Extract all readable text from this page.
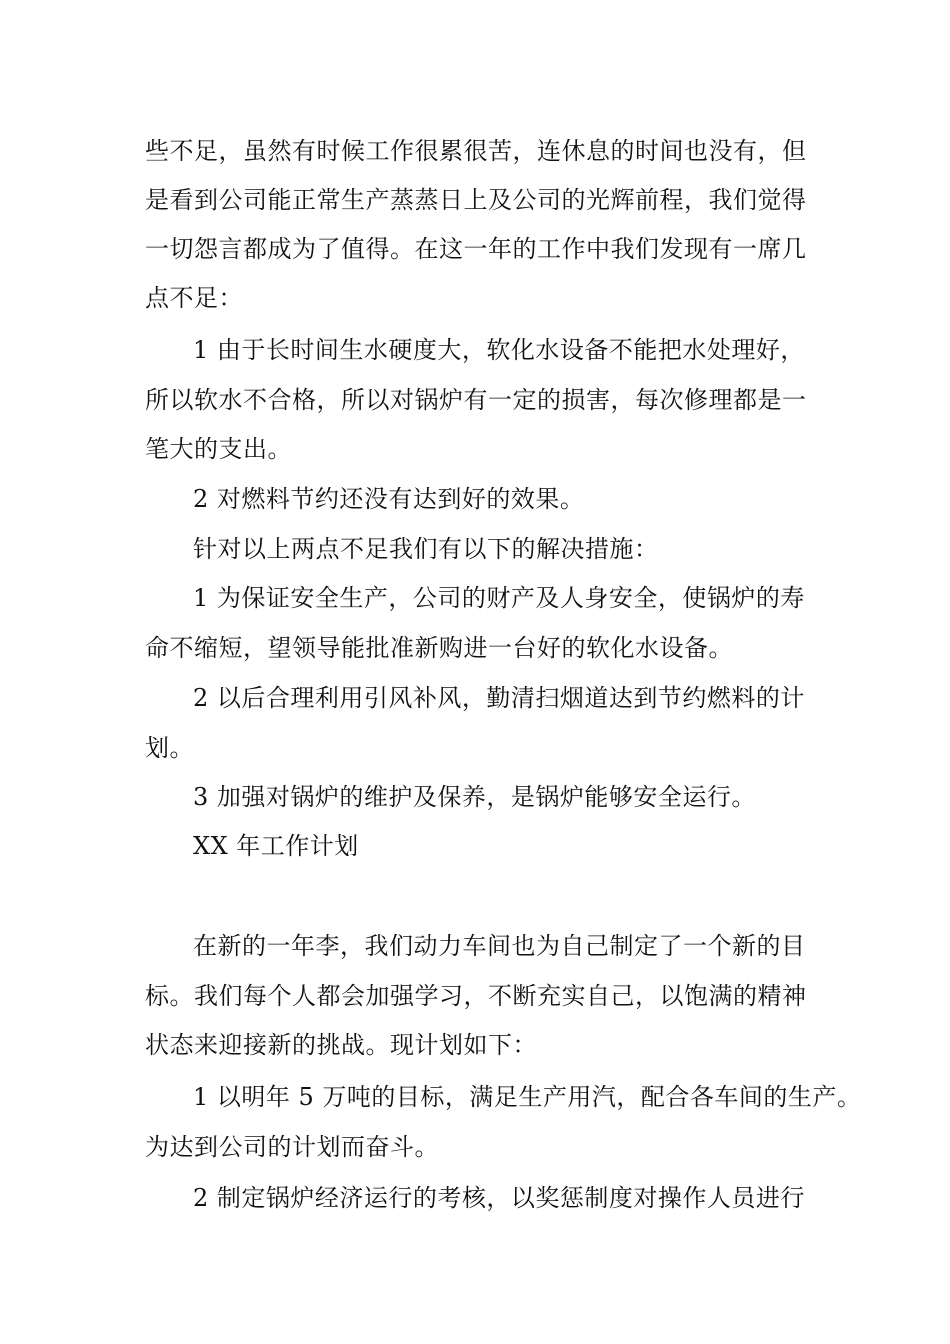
些不足，虽然有时候工作很累很苦，连休息的时间也没有，但
是看到公司能正常生产蒸蒸日上及公司的光辉前程，我们觉得
一切怨言都成为了值得。在这一年的工作中我们发现有一席几
点不足：
1 由于长时间生水硬度大，软化水设备不能把水处理好，
所以软水不合格，所以对锅炉有一定的损害，每次修理都是一
笔大的支出。
2 对燃料节约还没有达到好的效果。
针对以上两点不足我们有以下的解决措施：
1 为保证安全生产，公司的财产及人身安全，使锅炉的寿
命不缩短，望领导能批准新购进一台好的软化水设备。
2 以后合理利用引风补风，勤清扫烟道达到节约燃料的计
划。
3 加强对锅炉的维护及保养，是锅炉能够安全运行。
XX 年工作计划
在新的一年李，我们动力车间也为自己制定了一个新的目
标。我们每个人都会加强学习，不断充实自己，以饱满的精神
状态来迎接新的挑战。现计划如下：
1 以明年 5 万吨的目标，满足生产用汽，配合各车间的生产。
为达到公司的计划而奋斗。
2 制定锅炉经济运行的考核，以奖惩制度对操作人员进行
